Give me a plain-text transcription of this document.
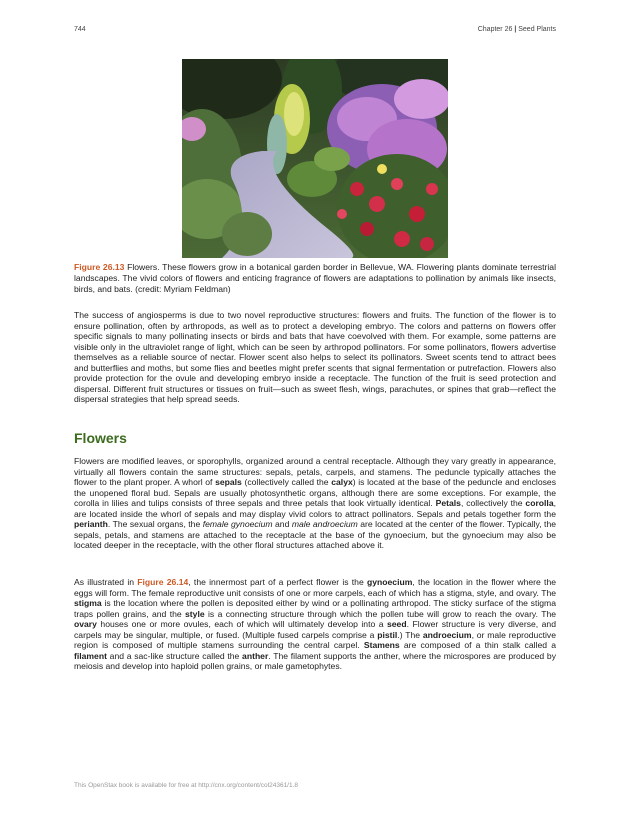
744	Chapter 26 | Seed Plants
Figure 26.13 Flowers. These flowers grow in a botanical garden border in Bellevue, WA. Flowering plants dominate terrestrial landscapes. The vivid colors of flowers and enticing fragrance of flowers are adaptations to pollination by animals like insects, birds, and bats. (credit: Myriam Feldman)

The success of angiosperms is due to two novel reproductive structures: flowers and fruits. The function of the flower is to ensure pollination, often by arthropods, as well as to protect a developing embryo. The colors and patterns on flowers offer specific signals to many pollinating insects or birds and bats that have coevolved with them. For example, some patterns are visible only in the ultraviolet range of light, which can be seen by arthropod pollinators. For some pollinators, flowers advertise themselves as a reliable source of nectar. Flower scent also helps to select its pollinators. Sweet scents tend to attract bees and butterflies and moths, but some flies and beetles might prefer scents that signal fermentation or putrefaction. Flowers also provide protection for the ovule and developing embryo inside a receptacle. The function of the fruit is seed protection and dispersal. Different fruit structures or tissues on fruit—such as sweet flesh, wings, parachutes, or spines that grab—reflect the dispersal strategies that help spread seeds.

Flowers

Flowers are modified leaves, or sporophylls, organized around a central receptacle. Although they vary greatly in appearance, virtually all flowers contain the same structures: sepals, petals, carpels, and stamens. The peduncle typically attaches the flower to the plant proper. A whorl of sepals (collectively called the calyx) is located at the base of the peduncle and encloses the unopened floral bud. Sepals are usually photosynthetic organs, although there are some exceptions. For example, the corolla in lilies and tulips consists of three sepals and three petals that look virtually identical. Petals, collectively the corolla, are located inside the whorl of sepals and may display vivid colors to attract pollinators. Sepals and petals together form the perianth. The sexual organs, the female gynoecium and male androecium are located at the center of the flower. Typically, the sepals, petals, and stamens are attached to the receptacle at the base of the gynoecium, but the gynoecium may also be located deeper in the receptacle, with the other floral structures attached above it.

As illustrated in Figure 26.14, the innermost part of a perfect flower is the gynoecium, the location in the flower where the eggs will form. The female reproductive unit consists of one or more carpels, each of which has a stigma, style, and ovary. The stigma is the location where the pollen is deposited either by wind or a pollinating arthropod. The sticky surface of the stigma traps pollen grains, and the style is a connecting structure through which the pollen tube will grow to reach the ovary. The ovary houses one or more ovules, each of which will ultimately develop into a seed. Flower structure is very diverse, and carpels may be singular, multiple, or fused. (Multiple fused carpels comprise a pistil.) The androecium, or male reproductive region is composed of multiple stamens surrounding the central carpel. Stamens are composed of a thin stalk called a filament and a sac-like structure called the anther. The filament supports the anther, where the microspores are produced by meiosis and develop into haploid pollen grains, or male gametophytes.

This OpenStax book is available for free at http://cnx.org/content/col24361/1.8
